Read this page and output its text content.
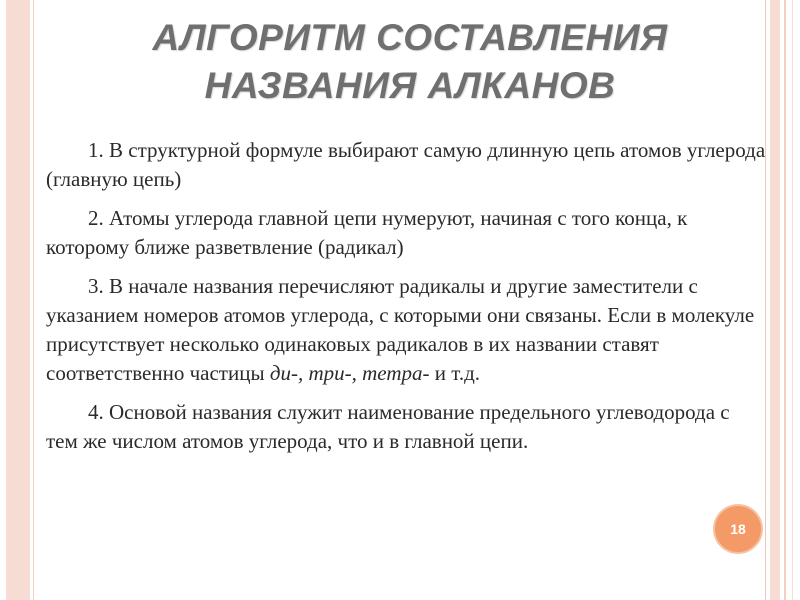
АЛГОРИТМ СОСТАВЛЕНИЯ
НАЗВАНИЯ АЛКАНОВ

1. В структурной формуле выбирают самую длинную цепь атомов углерода (главную цепь)

2. Атомы углерода главной цепи нумеруют, начиная с того конца, к которому ближе разветвление (радикал)

3. В начале названия перечисляют радикалы и другие заместители с указанием номеров атомов углерода, с которыми они связаны. Если в молекуле присутствует несколько одинаковых радикалов в их названии ставят соответственно частицы ди-, три-, тетра- и т.д.

4. Основой названия служит наименование предельного углеводорода с тем же числом атомов углерода, что и в главной цепи.

18
